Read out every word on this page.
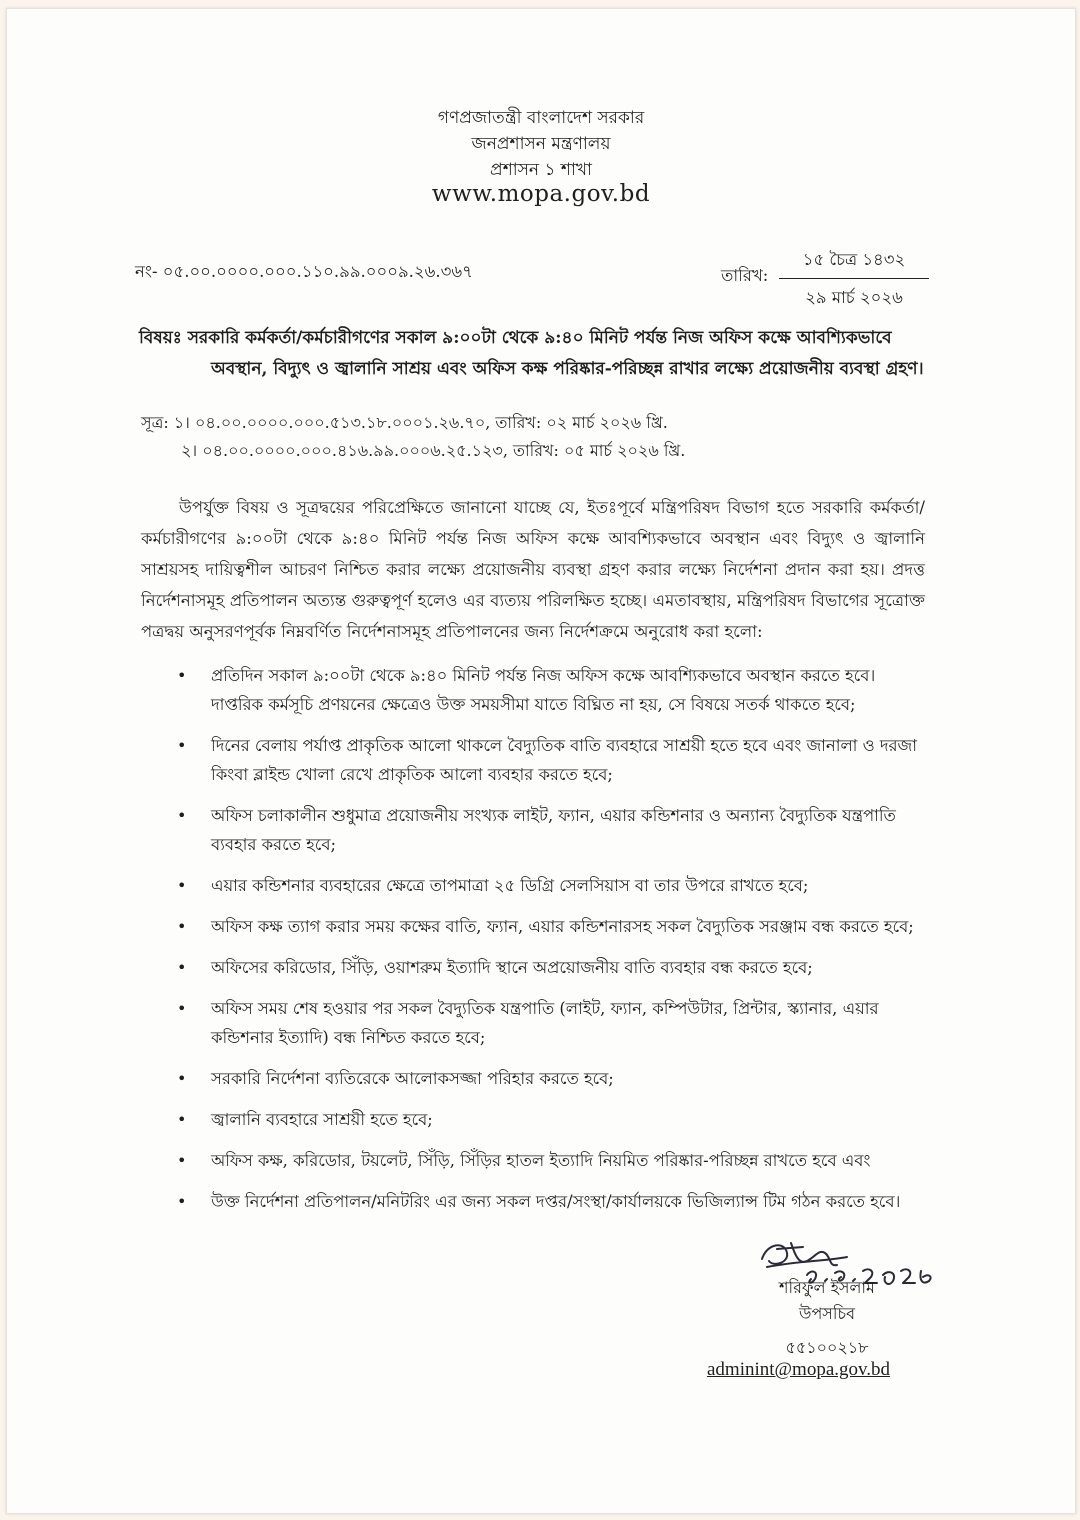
গণপ্রজাতন্ত্রী বাংলাদেশ সরকার
জনপ্রশাসন মন্ত্রণালয়
প্রশাসন ১ শাখা
www.mopa.gov.bd
নং- ০৫.০০.০০০০.০০০.১১০.৯৯.০০০৯.২৬.৩৬৭	তারিখ:
১৫ চৈত্র ১৪৩২
২৯ মার্চ ২০২৬
বিষয়ঃ সরকারি কর্মকর্তা/কর্মচারীগণের সকাল ৯:০০টা থেকে ৯:৪০ মিনিট পর্যন্ত নিজ অফিস কক্ষে আবশ্যিকভাবে
অবস্থান, বিদ্যুৎ ও জ্বালানি সাশ্রয় এবং অফিস কক্ষ পরিষ্কার-পরিচ্ছন্ন রাখার লক্ষ্যে প্রয়োজনীয় ব্যবস্থা গ্রহণ।
সূত্র: ১। ০৪.০০.০০০০.০০০.৫১৩.১৮.০০০১.২৬.৭০, তারিখ: ০২ মার্চ ২০২৬ খ্রি.
২। ০৪.০০.০০০০.০০০.৪১৬.৯৯.০০০৬.২৫.১২৩, তারিখ: ০৫ মার্চ ২০২৬ খ্রি.
উপর্যুক্ত বিষয় ও সূত্রদ্বয়ের পরিপ্রেক্ষিতে জানানো যাচ্ছে যে, ইতঃপূর্বে মন্ত্রিপরিষদ বিভাগ হতে সরকারি কর্মকর্তা/কর্মচারীগণের ৯:০০টা থেকে ৯:৪০ মিনিট পর্যন্ত নিজ অফিস কক্ষে আবশ্যিকভাবে অবস্থান এবং বিদ্যুৎ ও জ্বালানি সাশ্রয়সহ দায়িত্বশীল আচরণ নিশ্চিত করার লক্ষ্যে প্রয়োজনীয় ব্যবস্থা গ্রহণ করার লক্ষ্যে নির্দেশনা প্রদান করা হয়। প্রদত্ত নির্দেশনাসমূহ প্রতিপালন অত্যন্ত গুরুত্বপূর্ণ হলেও এর ব্যত্যয় পরিলক্ষিত হচ্ছে। এমতাবস্থায়, মন্ত্রিপরিষদ বিভাগের সূত্রোক্ত পত্রদ্বয় অনুসরণপূর্বক নিম্নবর্ণিত নির্দেশনাসমূহ প্রতিপালনের জন্য নির্দেশক্রমে অনুরোধ করা হলো:
• প্রতিদিন সকাল ৯:০০টা থেকে ৯:৪০ মিনিট পর্যন্ত নিজ অফিস কক্ষে আবশ্যিকভাবে অবস্থান করতে হবে। দাপ্তরিক কর্মসূচি প্রণয়নের ক্ষেত্রেও উক্ত সময়সীমা যাতে বিঘ্নিত না হয়, সে বিষয়ে সতর্ক থাকতে হবে;
• দিনের বেলায় পর্যাপ্ত প্রাকৃতিক আলো থাকলে বৈদ্যুতিক বাতি ব্যবহারে সাশ্রয়ী হতে হবে এবং জানালা ও দরজা কিংবা ব্লাইন্ড খোলা রেখে প্রাকৃতিক আলো ব্যবহার করতে হবে;
• অফিস চলাকালীন শুধুমাত্র প্রয়োজনীয় সংখ্যক লাইট, ফ্যান, এয়ার কন্ডিশনার ও অন্যান্য বৈদ্যুতিক যন্ত্রপাতি ব্যবহার করতে হবে;
• এয়ার কন্ডিশনার ব্যবহারের ক্ষেত্রে তাপমাত্রা ২৫ ডিগ্রি সেলসিয়াস বা তার উপরে রাখতে হবে;
• অফিস কক্ষ ত্যাগ করার সময় কক্ষের বাতি, ফ্যান, এয়ার কন্ডিশনারসহ সকল বৈদ্যুতিক সরঞ্জাম বন্ধ করতে হবে;
• অফিসের করিডোর, সিঁড়ি, ওয়াশরুম ইত্যাদি স্থানে অপ্রয়োজনীয় বাতি ব্যবহার বন্ধ করতে হবে;
• অফিস সময় শেষ হওয়ার পর সকল বৈদ্যুতিক যন্ত্রপাতি (লাইট, ফ্যান, কম্পিউটার, প্রিন্টার, স্ক্যানার, এয়ার কন্ডিশনার ইত্যাদি) বন্ধ নিশ্চিত করতে হবে;
• সরকারি নির্দেশনা ব্যতিরেকে আলোকসজ্জা পরিহার করতে হবে;
• জ্বালানি ব্যবহারে সাশ্রয়ী হতে হবে;
• অফিস কক্ষ, করিডোর, টয়লেট, সিঁড়ি, সিঁড়ির হাতল ইত্যাদি নিয়মিত পরিষ্কার-পরিচ্ছন্ন রাখতে হবে এবং
• উক্ত নির্দেশনা প্রতিপালন/মনিটরিং এর জন্য সকল দপ্তর/সংস্থা/কার্যালয়কে ভিজিল্যান্স টিম গঠন করতে হবে।
শরিফুল ইসলাম
উপসচিব
৫৫১০০২১৮
adminint@mopa.gov.bd
